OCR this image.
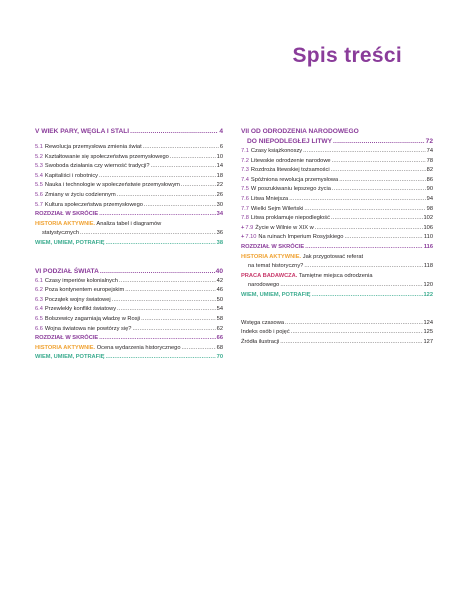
Spis treści
V WIEK PARY, WĘGLA I STALI .....	4
5.1 Rewolucja przemysłowa zmienia świat .....	6
5.2 Kształtowanie się społeczeństwa przemysłowego .....	10
5.3 Swoboda działania czy wierność tradycji? .....	14
5.4 Kapitaliści i robotnicy .....	18
5.5 Nauka i technologie w społeczeństwie przemysłowym .....	22
5.6 Zmiany w życiu codziennym .....	26
5.7 Kultura społeczeństwa przemysłowego .....	30
ROZDZIAŁ W SKRÓCIE .....	34
HISTORIA AKTYWNIE. Analiza tabel i diagramów
statystycznych .....	36
WIEM, UMIEM, POTRAFIĘ .....	38
VI PODZIAŁ ŚWIATA .....	40
6.1 Czasy imperiów kolonialnych .....	42
6.2 Poza kontynentem europejskim .....	46
6.3 Początek wojny światowej .....	50
6.4 Przewlekły konflikt światowy .....	54
6.5 Bolszewicy zagarniają władzę w Rosji .....	58
6.6 Wojna światowa nie powtórzy się? .....	62
ROZDZIAŁ W SKRÓCIE .....	66
HISTORIA AKTYWNIE. Ocena wydarzenia historycznego .....	68
WIEM, UMIEM, POTRAFIĘ .....	70
VII OD ODRODZENIA NARODOWEGO
DO NIEPODLEGŁEJ LITWY .....	72
7.1 Czasy książkonoszy .....	74
7.2 Litewskie odrodzenie narodowe .....	78
7.3 Rozdroża litewskiej tożsamości .....	82
7.4 Spóźniona rewolucja przemysłowa .....	86
7.5 W poszukiwaniu lepszego życia .....	90
7.6 Litwa Mniejsza .....	94
7.7 Wielki Sejm Wileński .....	98
7.8 Litwa proklamuje niepodległość .....	102
+ 7.9 Życie w Wilnie w XIX w .....	106
+ 7.10 Na ruinach Imperium Rosyjskiego .....	110
ROZDZIAŁ W SKRÓCIE .....	116
HISTORIA AKTYWNIE. Jak przygotować referat
na temat historyczny? .....	118
PRACA BADAWCZA. Tamiętne miejsca odrodzenia
narodowego .....	120
WIEM, UMIEM, POTRAFIĘ .....	122
Wstęga czasowa .....	124
Indeks osób i pojęć .....	125
Źródła ilustracji .....	127
